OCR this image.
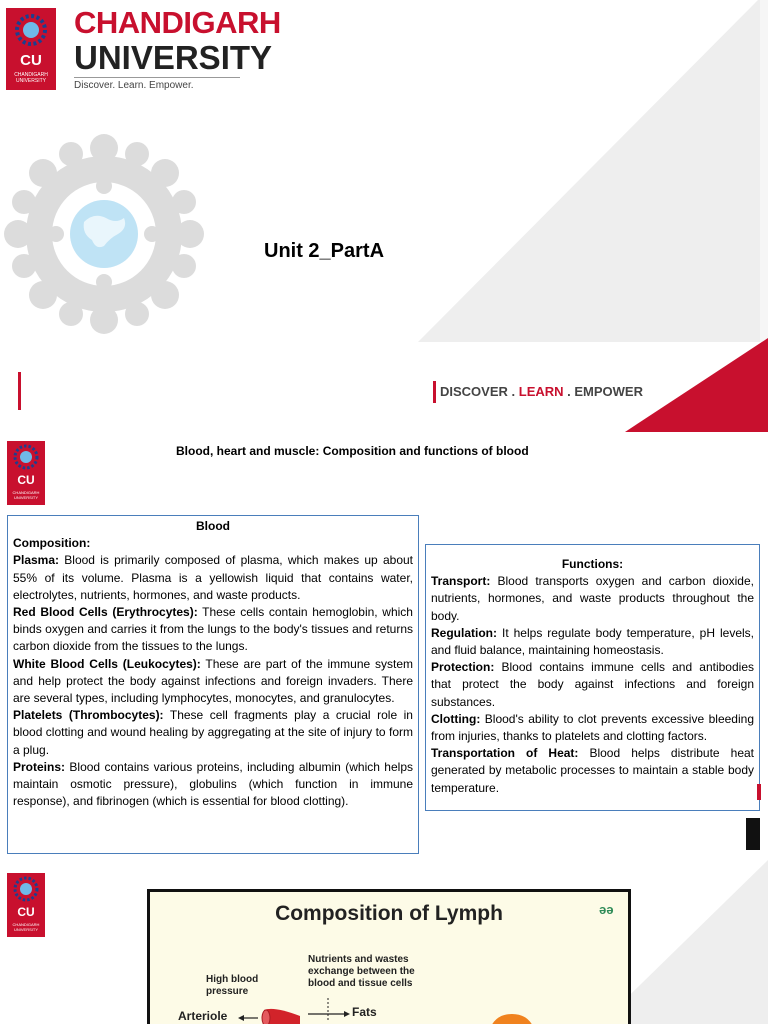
CU
CHANDIGARH UNIVERSITY
CHANDIGARH
UNIVERSITY
Discover. Learn. Empower.
Unit 2_PartA
DISCOVER . LEARN . EMPOWER
CU
CHANDIGARH UNIVERSITY
Blood, heart and muscle: Composition and functions of blood

Blood

Composition:

Plasma: Blood is primarily composed of plasma, which makes up about 55% of its volume. Plasma is a yellowish liquid that contains water, electrolytes, nutrients, hormones, and waste products.

Red Blood Cells (Erythrocytes): These cells contain hemoglobin, which binds oxygen and carries it from the lungs to the body's tissues and returns carbon dioxide from the tissues to the lungs.

White Blood Cells (Leukocytes): These are part of the immune system and help protect the body against infections and foreign invaders. There are several types, including lymphocytes, monocytes, and granulocytes.

Platelets (Thrombocytes): These cell fragments play a crucial role in blood clotting and wound healing by aggregating at the site of injury to form a plug.

Proteins: Blood contains various proteins, including albumin (which helps maintain osmotic pressure), globulins (which function in immune response), and fibrinogen (which is essential for blood clotting).

Functions:

Transport: Blood transports oxygen and carbon dioxide, nutrients, hormones, and waste products throughout the body.

Regulation: It helps regulate body temperature, pH levels, and fluid balance, maintaining homeostasis.

Protection: Blood contains immune cells and antibodies that protect the body against infections and foreign substances.

Clotting: Blood's ability to clot prevents excessive bleeding from injuries, thanks to platelets and clotting factors.

Transportation of Heat: Blood helps distribute heat generated by metabolic processes to maintain a stable body temperature.

CU
CHANDIGARH UNIVERSITY
Composition of Lymph	ǝǝ
Nutrients and wastes exchange between the blood and tissue cells
High blood pressure
Arteriole	Fats
